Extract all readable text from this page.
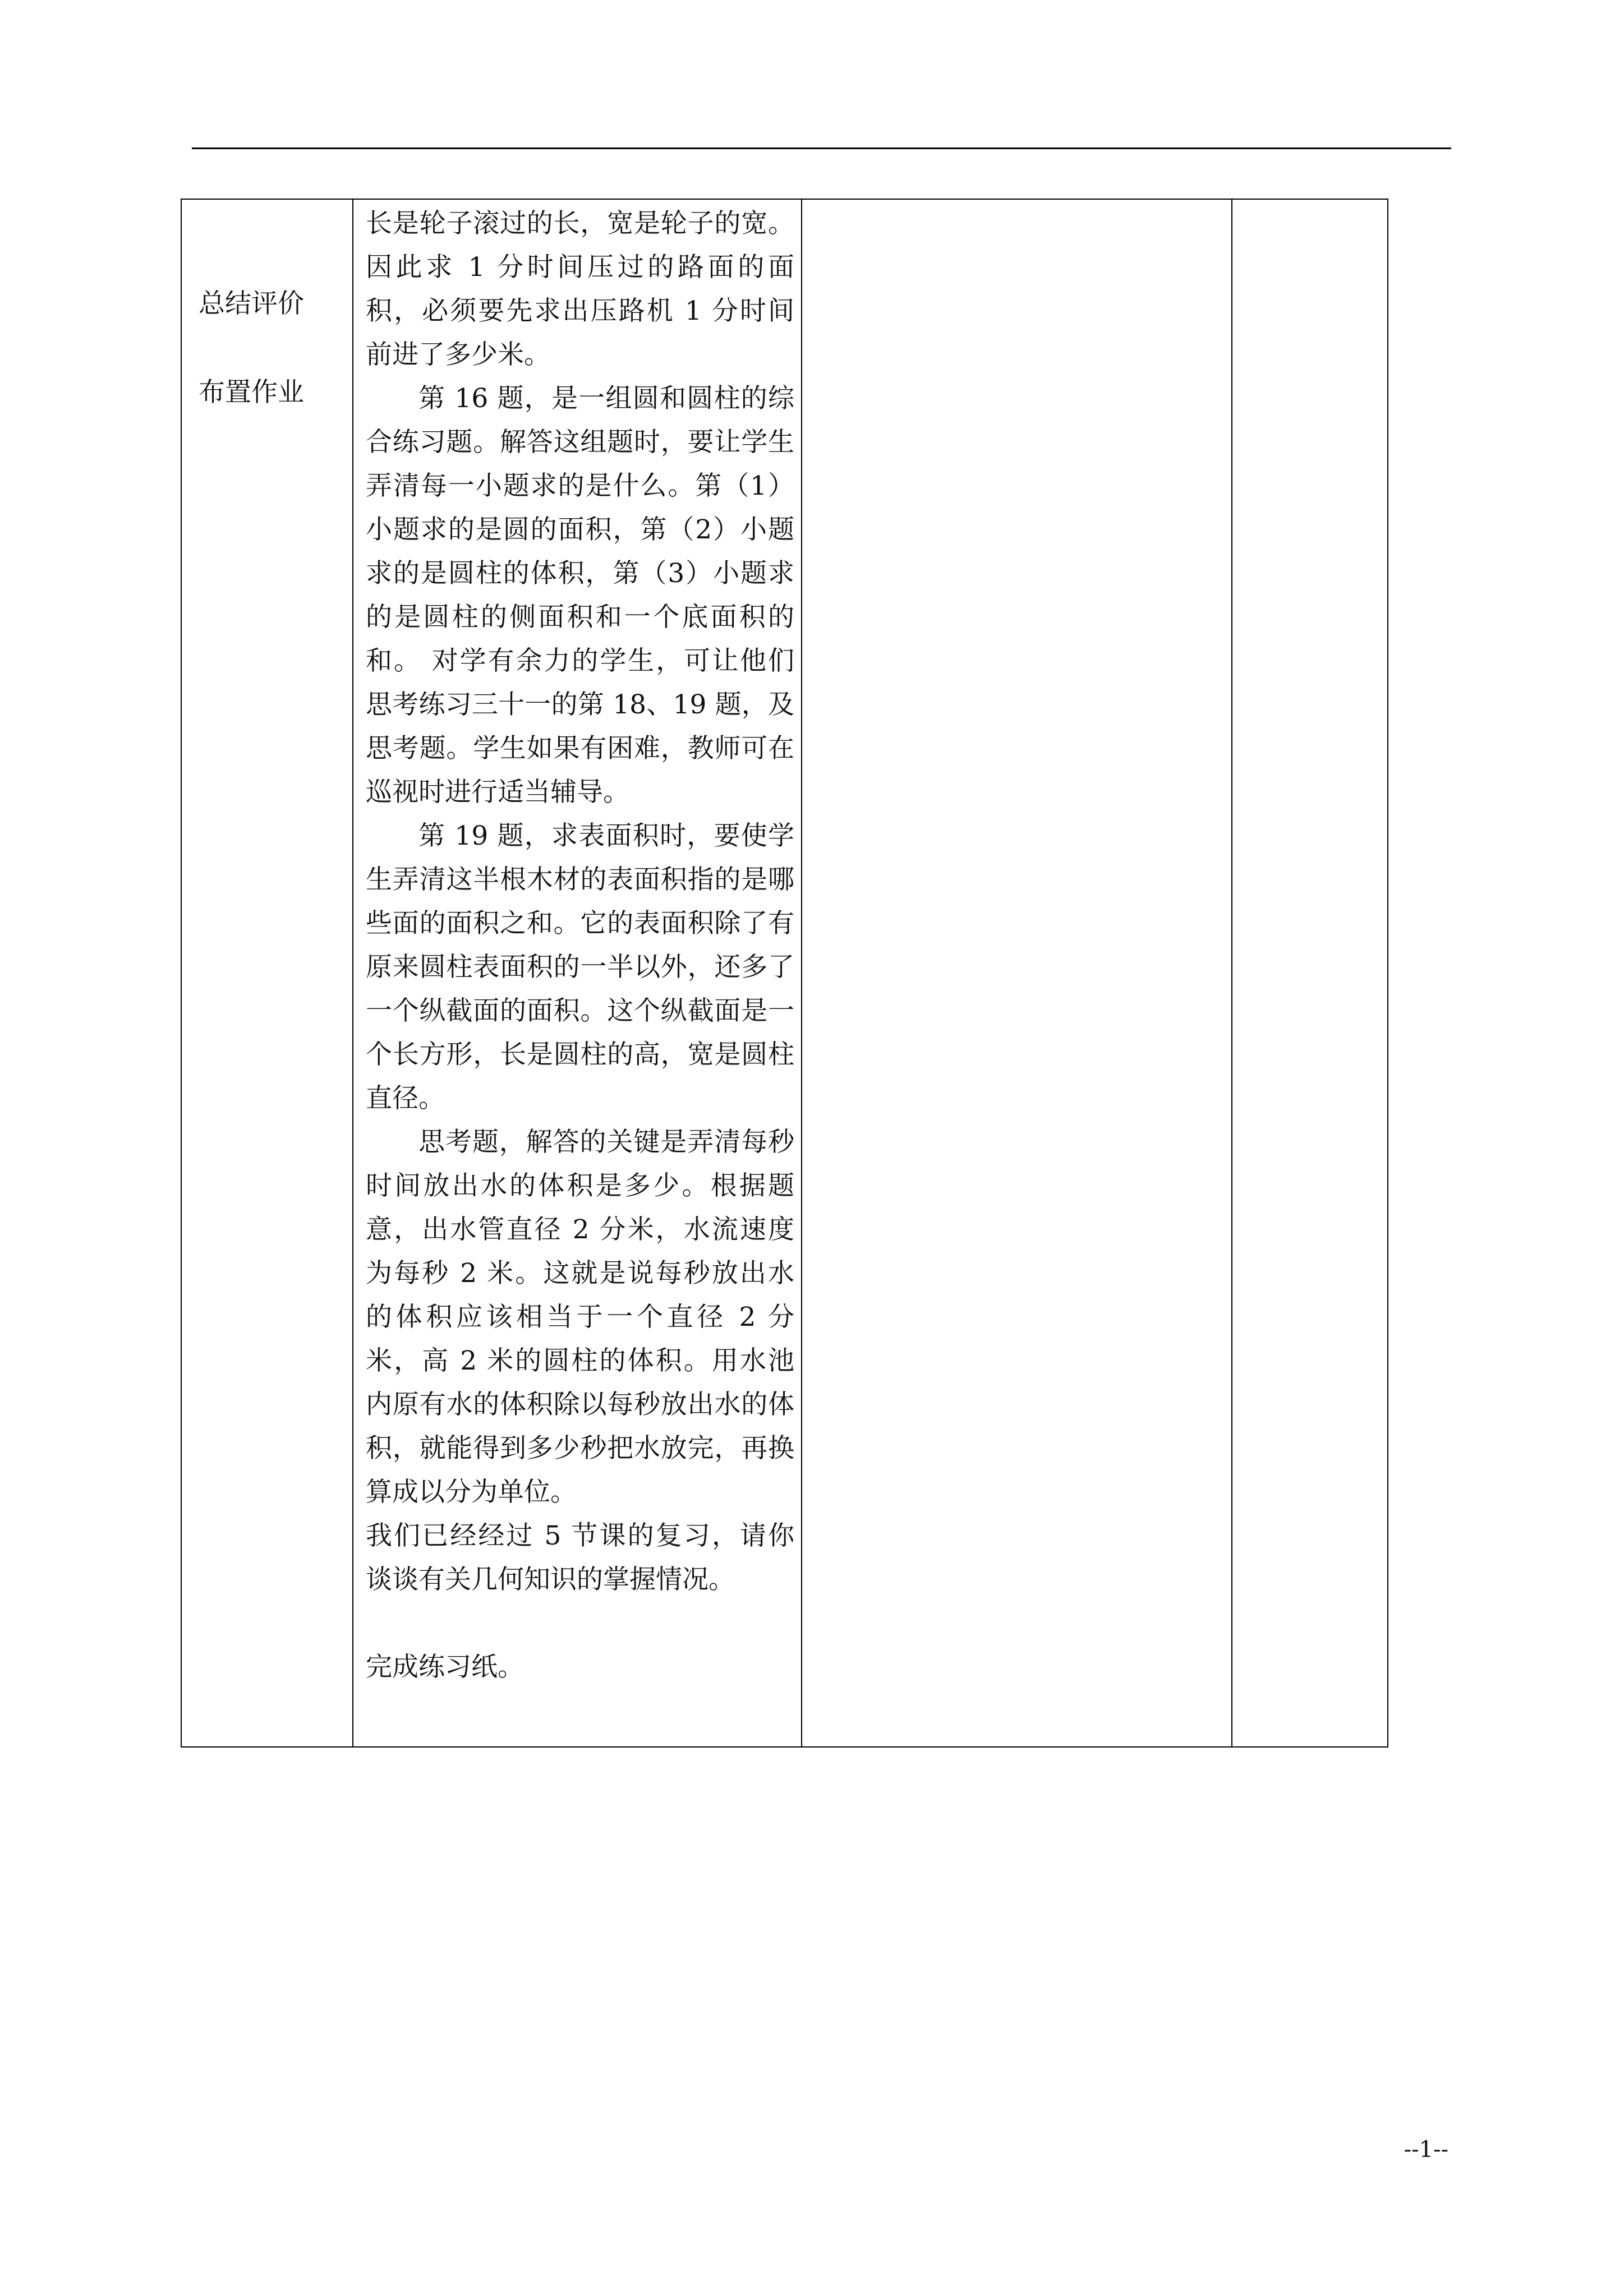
总结评价
布置作业

长是轮子滚过的长，宽是轮子的宽。因此求 1 分时间压过的路面的面积，必须要先求出压路机 1 分时间前进了多少米。

第 16 题，是一组圆和圆柱的综合练习题。解答这组题时，要让学生弄清每一小题求的是什么。第（1）小题求的是圆的面积，第（2）小题求的是圆柱的体积，第（3）小题求的是圆柱的侧面积和一个底面积的和。 对学有余力的学生，可让他们思考练习三十一的第 18、19 题，及思考题。学生如果有困难，教师可在巡视时进行适当辅导。

第 19 题，求表面积时，要使学生弄清这半根木材的表面积指的是哪些面的面积之和。它的表面积除了有原来圆柱表面积的一半以外，还多了一个纵截面的面积。这个纵截面是一个长方形，长是圆柱的高，宽是圆柱直径。

思考题，解答的关键是弄清每秒时间放出水的体积是多少。根据题意，出水管直径 2 分米，水流速度为每秒 2 米。这就是说每秒放出水的体积应该相当于一个直径 2 分米，高 2 米的圆柱的体积。用水池内原有水的体积除以每秒放出水的体积，就能得到多少秒把水放完，再换算成以分为单位。

我们已经经过 5 节课的复习，请你谈谈有关几何知识的掌握情况。

完成练习纸。

--1--
